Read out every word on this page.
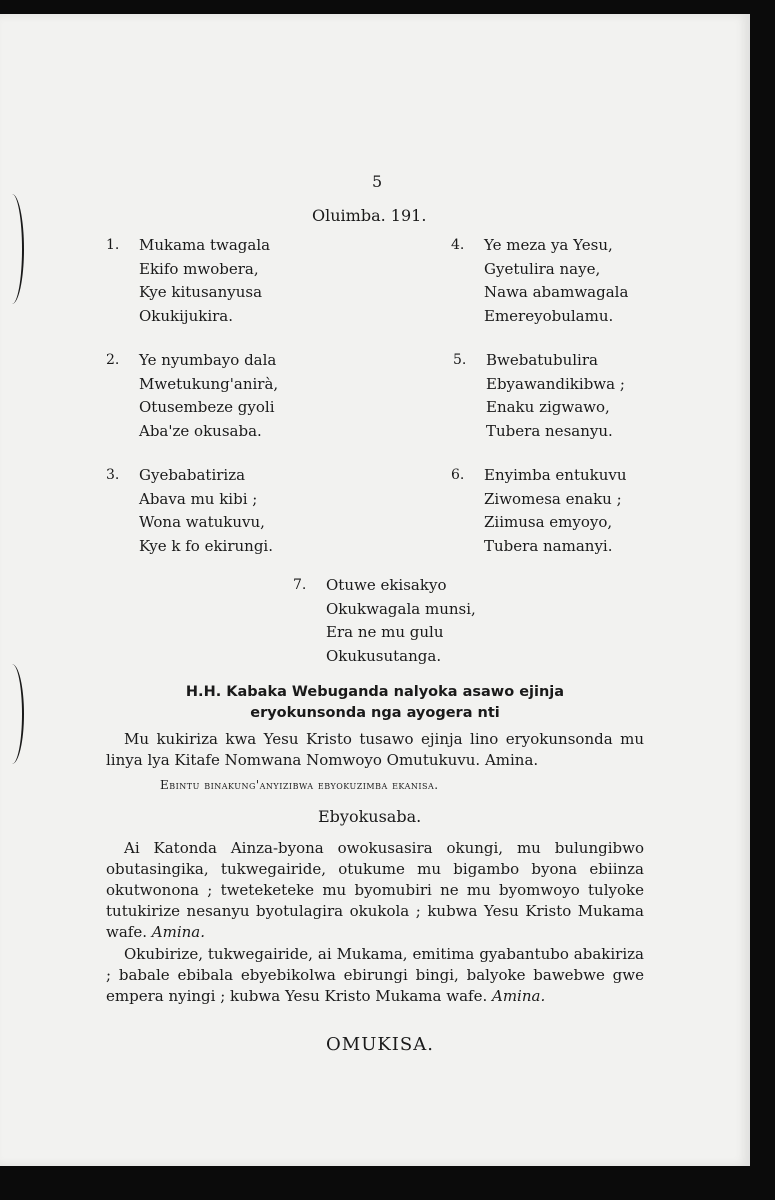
5
Oluimba. 191.
1. Mukama twagala
Ekifo mwobera,
Kye kitusanyusa
Okukijukira.
2. Ye nyumbayo dala
Mwetukung'anirà,
Otusembeze gyoli
Aba'ze okusaba.
3. Gyebabatiriza
Abava mu kibi ;
Wona watukuvu,
Kye k fo ekirungi.
4. Ye meza ya Yesu,
Gyetulira naye,
Nawa abamwagala
Emereyobulamu.
5. Bwebatubulira
Ebyawandikibwa ;
Enaku zigwawo,
Tubera nesanyu.
6. Enyimba entukuvu
Ziwomesa enaku ;
Ziimusa emyoyo,
Tubera namanyi.
7. Otuwe ekisakyo
Okukwagala munsi,
Era ne mu gulu
Okukusutanga.
H.H. Kabaka Webuganda nalyoka asawo ejinja
eryokunsonda nga ayogera nti
Mu kukiriza kwa Yesu Kristo tusawo ejinja lino eryokunsonda mu linya lya Kitafe Nomwana Nomwoyo Omutukuvu. Amina.
Ebintu binakung'anyizibwa ebyokuzimba ekanisa.
Ebyokusaba.
Ai Katonda Ainza-byona owokusasira okungi, mu bulungibwo obutasingika, tukwegairide, otukume mu bigambo byona ebiinza okutwonona ; tweteketeke mu byomubiri ne mu byomwoyo tulyoke tutukirize nesanyu byotulagira okukola ; kubwa Yesu Kristo Mukama wafe. Amina.
Okubirize, tukwegairide, ai Mukama, emitima gyabantubo abakiriza ; babale ebibala ebyebikolwa ebirungi bingi, balyoke bawebwe gwe empera nyingi ; kubwa Yesu Kristo Mukama wafe. Amina.
OMUKISA.
